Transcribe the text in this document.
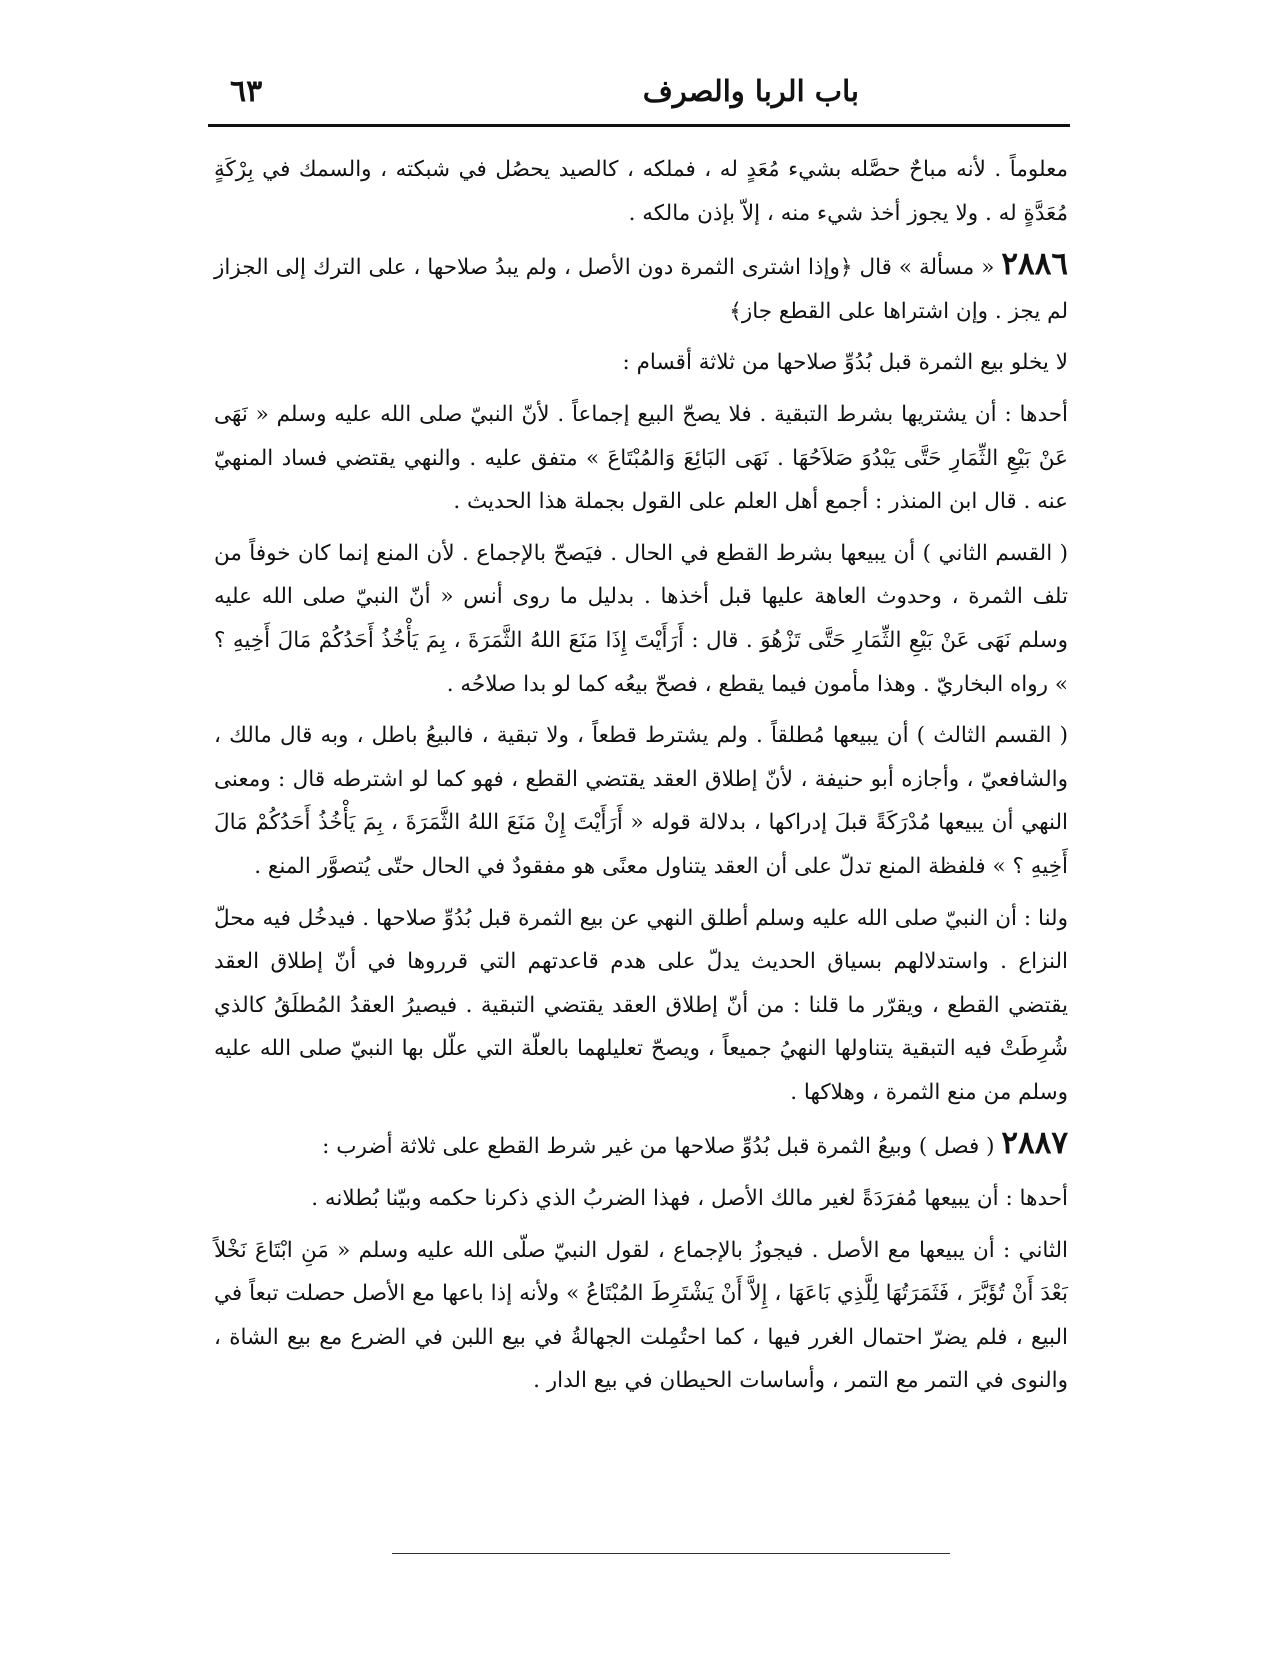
باب الربا والصرف
٦٣

معلوماً . لأنه مباحٌ حصَّله بشيء مُعَدٍ له ، فملكه ، كالصيد يحصُل في شبكته ، والسمك في بِرْكَةٍ مُعَدَّةٍ له . ولا يجوز أخذ شيء منه ، إلاّ بإذن مالكه .

٢٨٨٦ « مسألة » قال ﴿وإذا اشترى الثمرة دون الأصل ، ولم يبدُ صلاحها ، على الترك إلى الجزاز لم يجز . وإن اشتراها على القطع جاز﴾

لا يخلو بيع الثمرة قبل بُدُوِّ صلاحها من ثلاثة أقسام :

أحدها : أن يشتريها بشرط التبقية . فلا يصحّ البيع إجماعاً . لأنّ النبيّ صلى الله عليه وسلم « نَهَى عَنْ بَيْعِ الثِّمَارِ حَتَّى يَبْدُوَ صَلاَحُهَا . نَهَى البَائِعَ وَالمُبْتَاعَ » متفق عليه . والنهي يقتضي فساد المنهيّ عنه . قال ابن المنذر : أجمع أهل العلم على القول بجملة هذا الحديث .

( القسم الثاني ) أن يبيعها بشرط القطع في الحال . فيَصحّ بالإجماع . لأن المنع إنما كان خوفاً من تلف الثمرة ، وحدوث العاهة عليها قبل أخذها . بدليل ما روى أنس « أنّ النبيّ صلى الله عليه وسلم نَهَى عَنْ بَيْعِ الثِّمَارِ حَتَّى تَزْهُوَ . قال : أَرَأَيْتَ إِذَا مَنَعَ اللهُ الثَّمَرَةَ ، بِمَ يَأْخُذُ أَحَدُكُمْ مَالَ أَخِيهِ ؟ » رواه البخاريّ . وهذا مأمون فيما يقطع ، فصحّ بيعُه كما لو بدا صلاحُه .

( القسم الثالث ) أن يبيعها مُطلقاً . ولم يشترط قطعاً ، ولا تبقية ، فالبيعُ باطل ، وبه قال مالك ، والشافعيّ ، وأجازه أبو حنيفة ، لأنّ إطلاق العقد يقتضي القطع ، فهو كما لو اشترطه قال : ومعنى النهي أن يبيعها مُدْرَكَةً قبلَ إدراكها ، بدلالة قوله « أَرَأَيْتَ إِنْ مَنَعَ اللهُ الثَّمَرَةَ ، بِمَ يَأْخُذُ أَحَدُكُمْ مَالَ أَخِيهِ ؟ » فلفظة المنع تدلّ على أن العقد يتناول معنًى هو مفقودٌ في الحال حتّى يُتصوَّر المنع .

ولنا : أن النبيّ صلى الله عليه وسلم أطلق النهي عن بيع الثمرة قبل بُدُوِّ صلاحها . فيدخُل فيه محلّ النزاع . واستدلالهم بسياق الحديث يدلّ على هدم قاعدتهم التي قرروها في أنّ إطلاق العقد يقتضي القطع ، ويقرّر ما قلنا : من أنّ إطلاق العقد يقتضي التبقية . فيصيرُ العقدُ المُطلَقُ كالذي شُرِطَتْ فيه التبقية يتناولها النهيُ جميعاً ، ويصحّ تعليلهما بالعلّة التي علّل بها النبيّ صلى الله عليه وسلم من منع الثمرة ، وهلاكها .

٢٨٨٧ ( فصل ) وبيعُ الثمرة قبل بُدُوِّ صلاحها من غير شرط القطع على ثلاثة أضرب :

أحدها : أن يبيعها مُفرَدَةً لغير مالك الأصل ، فهذا الضربُ الذي ذكرنا حكمه وبيّنا بُطلانه .

الثاني : أن يبيعها مع الأصل . فيجوزُ بالإجماع ، لقول النبيّ صلّى الله عليه وسلم « مَنِ ابْتَاعَ نَخْلاً بَعْدَ أَنْ تُؤَبَّرَ ، فَثَمَرَتُهَا لِلَّذِي بَاعَهَا ، إِلاَّ أَنْ يَشْتَرِطَ المُبْتَاعُ » ولأنه إذا باعها مع الأصل حصلت تبعاً في البيع ، فلم يضرّ احتمال الغرر فيها ، كما احتُمِلت الجهالةُ في بيع اللبن في الضرع مع بيع الشاة ، والنوى في التمر مع التمر ، وأساسات الحيطان في بيع الدار .
